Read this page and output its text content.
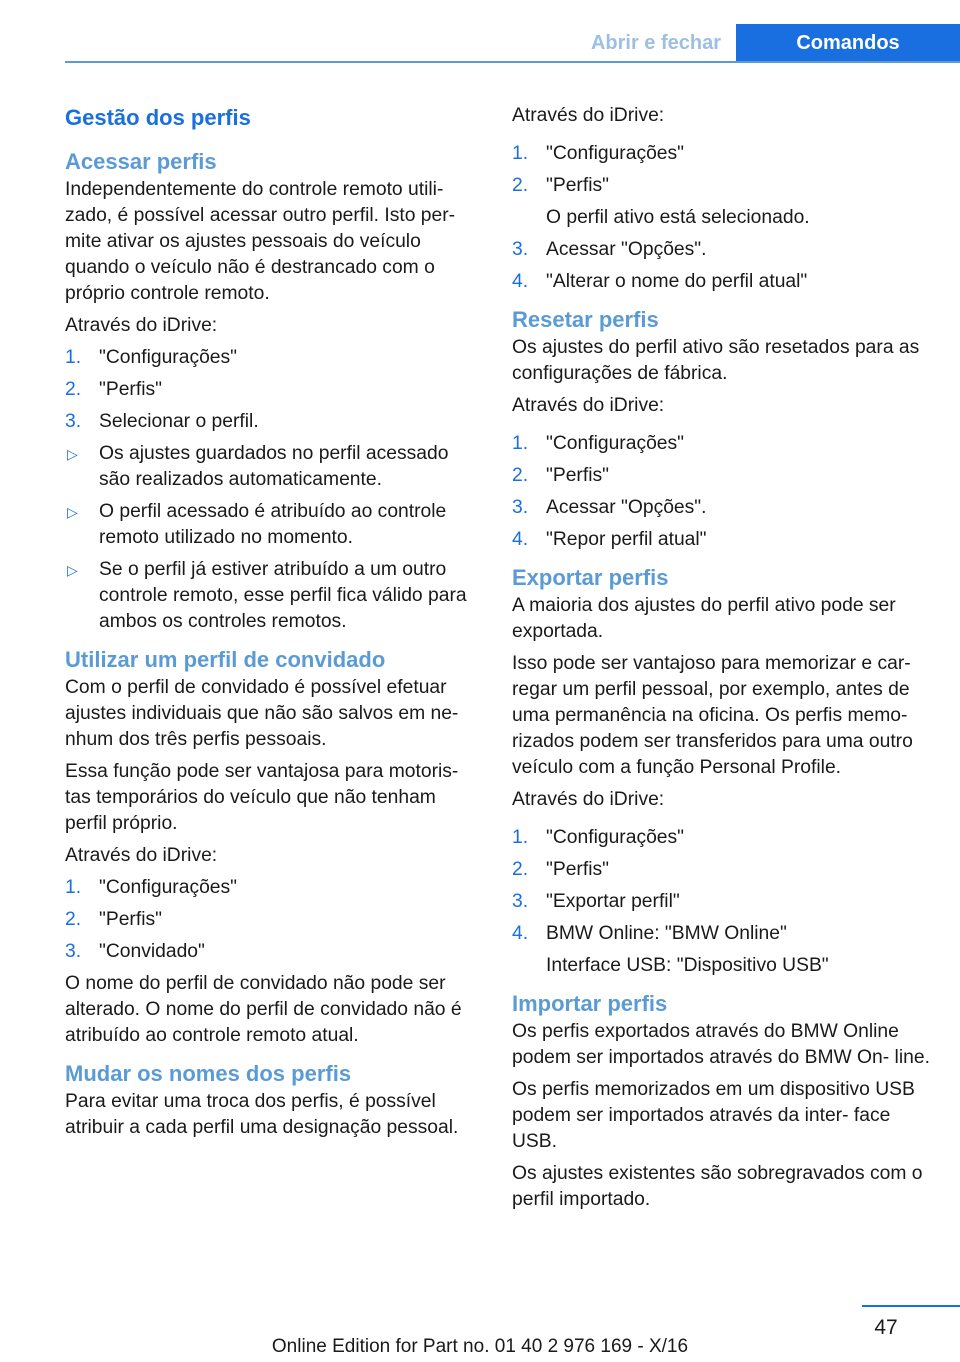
Abrir e fechar	Comandos
Gestão dos perfis
Acessar perfis

Independentemente do controle remoto utili- zado, é possível acessar outro perfil. Isto per- mite ativar os ajustes pessoais do veículo quando o veículo não é destrancado com o próprio controle remoto.

Através do iDrive:

1. "Configurações"
2. "Perfis"
3. Selecionar o perfil.
▷ Os ajustes guardados no perfil acessado são realizados automaticamente.
▷ O perfil acessado é atribuído ao controle remoto utilizado no momento.
▷ Se o perfil já estiver atribuído a um outro controle remoto, esse perfil fica válido para ambos os controles remotos.
Utilizar um perfil de convidado

Com o perfil de convidado é possível efetuar ajustes individuais que não são salvos em ne- nhum dos três perfis pessoais.

Essa função pode ser vantajosa para motoris- tas temporários do veículo que não tenham perfil próprio.

Através do iDrive:

1. "Configurações"
2. "Perfis"
3. "Convidado"

O nome do perfil de convidado não pode ser alterado. O nome do perfil de convidado não é atribuído ao controle remoto atual.

Mudar os nomes dos perfis

Para evitar uma troca dos perfis, é possível atribuir a cada perfil uma designação pessoal.

Através do iDrive:

1. "Configurações"
2. "Perfis"
O perfil ativo está selecionado.
3. Acessar "Opções".
4. "Alterar o nome do perfil atual"
Resetar perfis

Os ajustes do perfil ativo são resetados para as configurações de fábrica.

Através do iDrive:

1. "Configurações"
2. "Perfis"
3. Acessar "Opções".
4. "Repor perfil atual"
Exportar perfis

A maioria dos ajustes do perfil ativo pode ser exportada.

Isso pode ser vantajoso para memorizar e car- regar um perfil pessoal, por exemplo, antes de uma permanência na oficina. Os perfis memo- rizados podem ser transferidos para uma outro veículo com a função Personal Profile.

Através do iDrive:

1. "Configurações"
2. "Perfis"
3. "Exportar perfil"
4. BMW Online: "BMW Online"
Interface USB: "Dispositivo USB"
Importar perfis

Os perfis exportados através do BMW Online podem ser importados através do BMW On- line.

Os perfis memorizados em um dispositivo USB podem ser importados através da inter- face USB.

Os ajustes existentes são sobregravados com o perfil importado.

47
Online Edition for Part no. 01 40 2 976 169 - X/16
